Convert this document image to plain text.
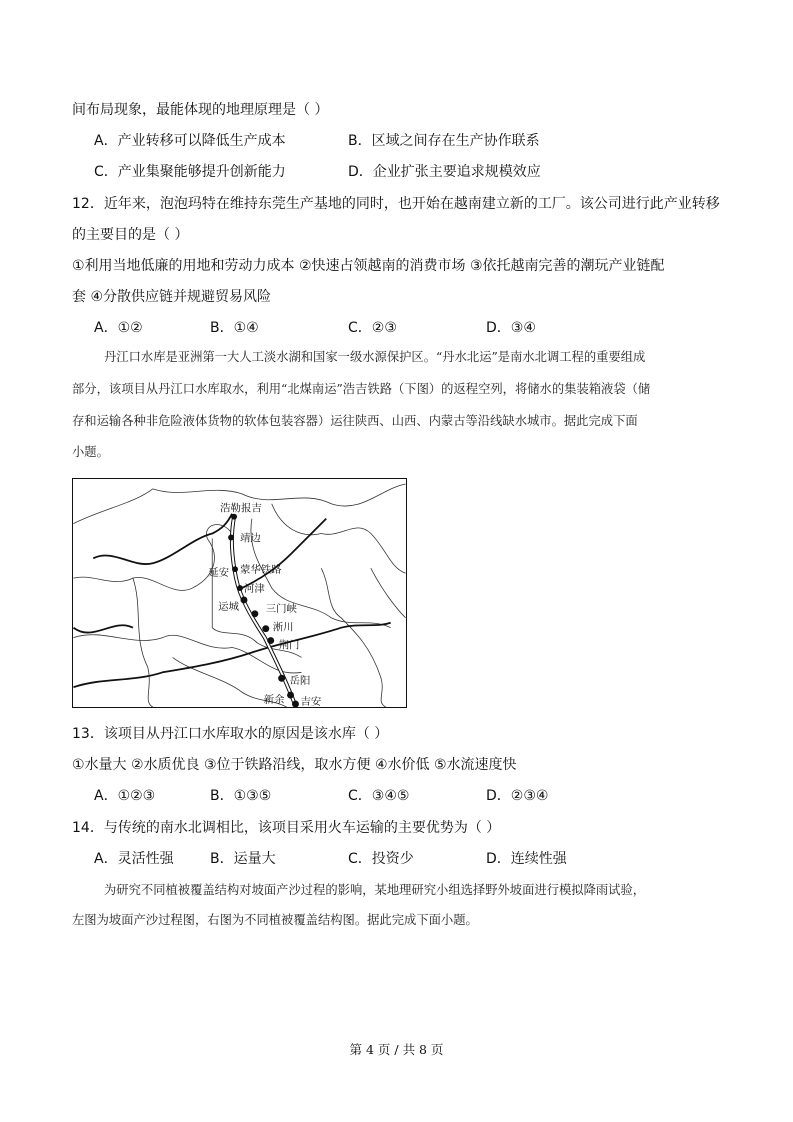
间布局现象，最能体现的地理原理是（ ）
A．产业转移可以降低生产成本	B．区域之间存在生产协作联系
C．产业集聚能够提升创新能力	D．企业扩张主要追求规模效应
12．近年来，泡泡玛特在维持东莞生产基地的同时，也开始在越南建立新的工厂。该公司进行此产业转移
的主要目的是（ ）
①利用当地低廉的用地和劳动力成本 ②快速占领越南的消费市场 ③依托越南完善的潮玩产业链配
套 ④分散供应链并规避贸易风险
A．①②	B．①④	C．②③	D．③④
丹江口水库是亚洲第一大人工淡水湖和国家一级水源保护区。“丹水北运”是南水北调工程的重要组成
部分，该项目从丹江口水库取水，利用“北煤南运”浩吉铁路（下图）的返程空列，将储水的集装箱液袋（储
存和运输各种非危险液体货物的软体包装容器）运往陕西、山西、内蒙古等沿线缺水城市。据此完成下面
小题。
浩勒报吉
靖边
延安 蒙华铁路
河津
运城	三门峡
淅川
荆门
岳阳
新余 吉安
13．该项目从丹江口水库取水的原因是该水库（ ）
①水量大 ②水质优良 ③位于铁路沿线，取水方便 ④水价低 ⑤水流速度快
A．①②③	B．①③⑤	C．③④⑤	D．②③④
14．与传统的南水北调相比，该项目采用火车运输的主要优势为（ ）
A．灵活性强	B．运量大	C．投资少	D．连续性强
为研究不同植被覆盖结构对坡面产沙过程的影响，某地理研究小组选择野外坡面进行模拟降雨试验，
左图为坡面产沙过程图，右图为不同植被覆盖结构图。据此完成下面小题。
第 4 页 / 共 8 页
